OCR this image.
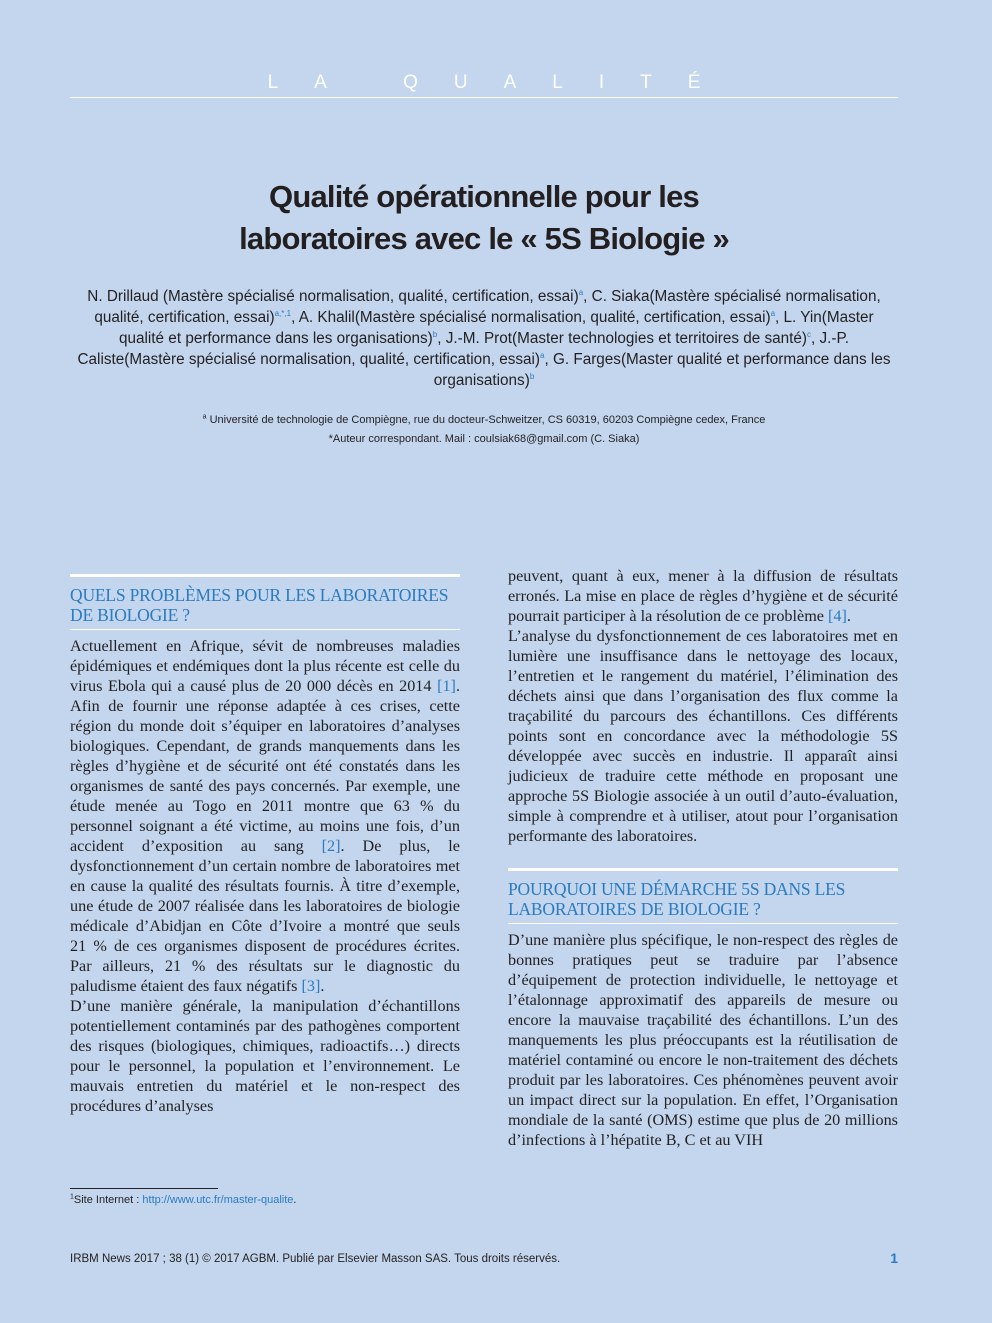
LA QUALITÉ
Qualité opérationnelle pour les
laboratoires avec le « 5S Biologie »
N. Drillaud (Mastère spécialisé normalisation, qualité, certification, essai)$^a$, C. Siaka(Mastère spécialisé normalisation, qualité, certification, essai)$^{a,*,1}$, A. Khalil(Mastère spécialisé normalisation, qualité, certification, essai)$^a$, L. Yin(Master qualité et performance dans les organisations)$^b$, J.-M. Prot(Master technologies et territoires de santé)$^c$, J.-P. Caliste(Mastère spécialisé normalisation, qualité, certification, essai)$^a$, G. Farges(Master qualité et performance dans les organisations)$^b$
$^a$ Université de technologie de Compiègne, rue du docteur-Schweitzer, CS 60319, 60203 Compiègne cedex, France
*Auteur correspondant. Mail : coulsiak68@gmail.com (C. Siaka)
QUELS PROBLÈMES POUR LES LABORATOIRES DE BIOLOGIE ?

Actuellement en Afrique, sévit de nombreuses maladies épidémiques et endémiques dont la plus récente est celle du virus Ebola qui a causé plus de 20 000 décès en 2014 [1]. Afin de fournir une réponse adaptée à ces crises, cette région du monde doit s’équiper en laboratoires d’analyses biologiques. Cependant, de grands manquements dans les règles d’hygiène et de sécurité ont été constatés dans les organismes de santé des pays concernés. Par exemple, une étude menée au Togo en 2011 montre que 63 % du personnel soignant a été victime, au moins une fois, d’un accident d’exposition au sang [2]. De plus, le dysfonctionnement d’un certain nombre de laboratoires met en cause la qualité des résultats fournis. À titre d’exemple, une étude de 2007 réalisée dans les laboratoires de biologie médicale d’Abidjan en Côte d’Ivoire a montré que seuls 21 % de ces organismes disposent de procédures écrites. Par ailleurs, 21 % des résultats sur le diagnostic du paludisme étaient des faux négatifs [3].

D’une manière générale, la manipulation d’échantillons potentiellement contaminés par des pathogènes comportent des risques (biologiques, chimiques, radioactifs…) directs pour le personnel, la population et l’environnement. Le mauvais entretien du matériel et le non-respect des procédures d’analyses

peuvent, quant à eux, mener à la diffusion de résultats erronés. La mise en place de règles d’hygiène et de sécurité pourrait participer à la résolution de ce problème [4].

L’analyse du dysfonctionnement de ces laboratoires met en lumière une insuffisance dans le nettoyage des locaux, l’entretien et le rangement du matériel, l’élimination des déchets ainsi que dans l’organisation des flux comme la traçabilité du parcours des échantillons. Ces différents points sont en concordance avec la méthodologie 5S développée avec succès en industrie. Il apparaît ainsi judicieux de traduire cette méthode en proposant une approche 5S Biologie associée à un outil d’auto-évaluation, simple à comprendre et à utiliser, atout pour l’organisation performante des laboratoires.

POURQUOI UNE DÉMARCHE 5S DANS LES LABORATOIRES DE BIOLOGIE ?

D’une manière plus spécifique, le non-respect des règles de bonnes pratiques peut se traduire par l’absence d’équipement de protection individuelle, le nettoyage et l’étalonnage approximatif des appareils de mesure ou encore la mauvaise traçabilité des échantillons. L’un des manquements les plus préoccupants est la réutilisation de matériel contaminé ou encore le non-traitement des déchets produit par les laboratoires. Ces phénomènes peuvent avoir un impact direct sur la population. En effet, l’Organisation mondiale de la santé (OMS) estime que plus de 20 millions d’infections à l’hépatite B, C et au VIH

$^1$Site Internet : http://www.utc.fr/master-qualite.
IRBM News 2017 ; 38 (1) © 2017 AGBM. Publié par Elsevier Masson SAS. Tous droits réservés.	1
